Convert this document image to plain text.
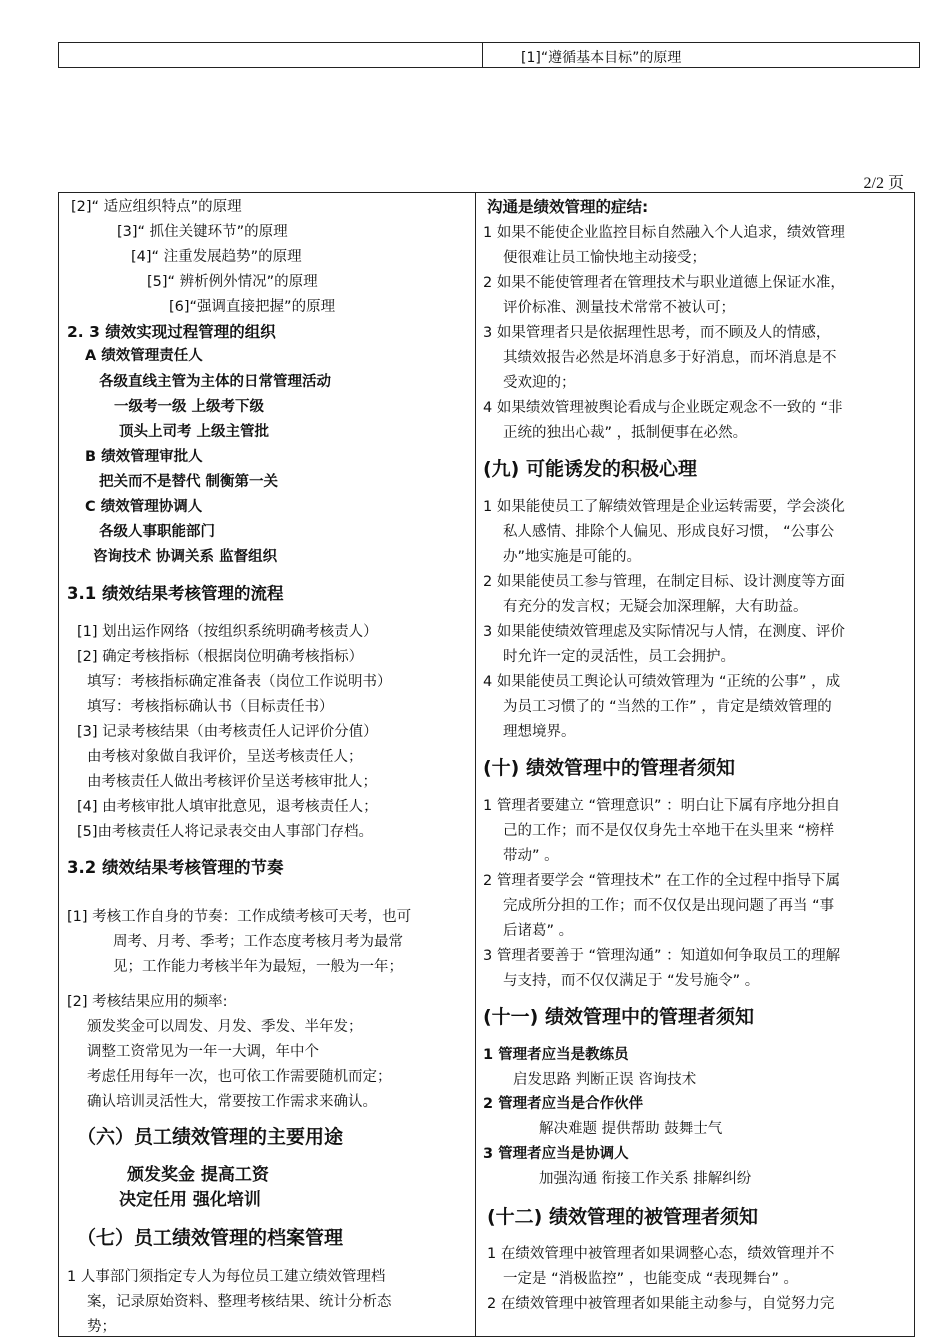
[1]“遵循基本目标”的原理
2/2 页
[2]“ 适应组织特点”的原理
[3]“ 抓住关键环节”的原理
[4]“ 注重发展趋势”的原理
[5]“ 辨析例外情况”的原理
[6]“强调直接把握”的原理
2. 3 绩效实现过程管理的组织
A 绩效管理责任人
各级直线主管为主体的日常管理活动
一级考一级 上级考下级
顶头上司考 上级主管批
B 绩效管理审批人
把关而不是替代 制衡第一关
C 绩效管理协调人
各级人事职能部门
咨询技术 协调关系 监督组织
3.1 绩效结果考核管理的流程
[1] 划出运作网络（按组织系统明确考核责人）
[2] 确定考核指标（根据岗位明确考核指标）
填写：考核指标确定准备表（岗位工作说明书）
填写：考核指标确认书（目标责任书）
[3] 记录考核结果（由考核责任人记评价分值）
由考核对象做自我评价，呈送考核责任人；
由考核责任人做出考核评价呈送考核审批人；
[4] 由考核审批人填审批意见，退考核责任人；
[5]由考核责任人将记录表交由人事部门存档。
3.2 绩效结果考核管理的节奏
[1] 考核工作自身的节奏：工作成绩考核可天考，也可
周考、月考、季考；工作态度考核月考为最常
见；工作能力考核半年为最短，一般为一年；
[2] 考核结果应用的频率:
颁发奖金可以周发、月发、季发、半年发；
调整工资常见为一年一大调，年中个
考虑任用每年一次，也可依工作需要随机而定；
确认培训灵活性大，常要按工作需求来确认。
（六）员工绩效管理的主要用途
颁发奖金 提高工资
决定任用 强化培训
（七）员工绩效管理的档案管理
1 人事部门须指定专人为每位员工建立绩效管理档
案，记录原始资料、整理考核结果、统计分析态
势；
沟通是绩效管理的症结:
1 如果不能使企业监控目标自然融入个人追求，绩效管理
便很难让员工愉快地主动接受；
2 如果不能使管理者在管理技术与职业道德上保证水准，
评价标准、测量技术常常不被认可；
3 如果管理者只是依据理性思考，而不顾及人的情感，
其绩效报告必然是坏消息多于好消息，而坏消息是不
受欢迎的；
4 如果绩效管理被舆论看成与企业既定观念不一致的 “非
正统的独出心裁” ，抵制便事在必然。
(九) 可能诱发的积极心理
1 如果能使员工了解绩效管理是企业运转需要，学会淡化
私人感情、排除个人偏见、形成良好习惯， “公事公
办”地实施是可能的。
2 如果能使员工参与管理，在制定目标、设计测度等方面
有充分的发言权；无疑会加深理解，大有助益。
3 如果能使绩效管理虑及实际情况与人情，在测度、评价
时允许一定的灵活性，员工会拥护。
4 如果能使员工舆论认可绩效管理为 “正统的公事” ，成
为员工习惯了的 “当然的工作” ，肯定是绩效管理的
理想境界。
(十) 绩效管理中的管理者须知
1 管理者要建立 “管理意识” ：明白让下属有序地分担自
己的工作；而不是仅仅身先士卒地干在头里来 “榜样
带动” 。
2 管理者要学会 “管理技术” 在工作的全过程中指导下属
完成所分担的工作；而不仅仅是出现问题了再当 “事
后诸葛” 。
3 管理者要善于 “管理沟通” ：知道如何争取员工的理解
与支持，而不仅仅满足于 “发号施令” 。
(十一) 绩效管理中的管理者须知
1 管理者应当是教练员
启发思路 判断正误 咨询技术
2 管理者应当是合作伙伴
解决难题 提供帮助 鼓舞士气
3 管理者应当是协调人
加强沟通 衔接工作关系 排解纠纷
(十二) 绩效管理的被管理者须知
1 在绩效管理中被管理者如果调整心态，绩效管理并不
一定是 “消极监控” ，也能变成 “表现舞台” 。
2 在绩效管理中被管理者如果能主动参与，自觉努力完
